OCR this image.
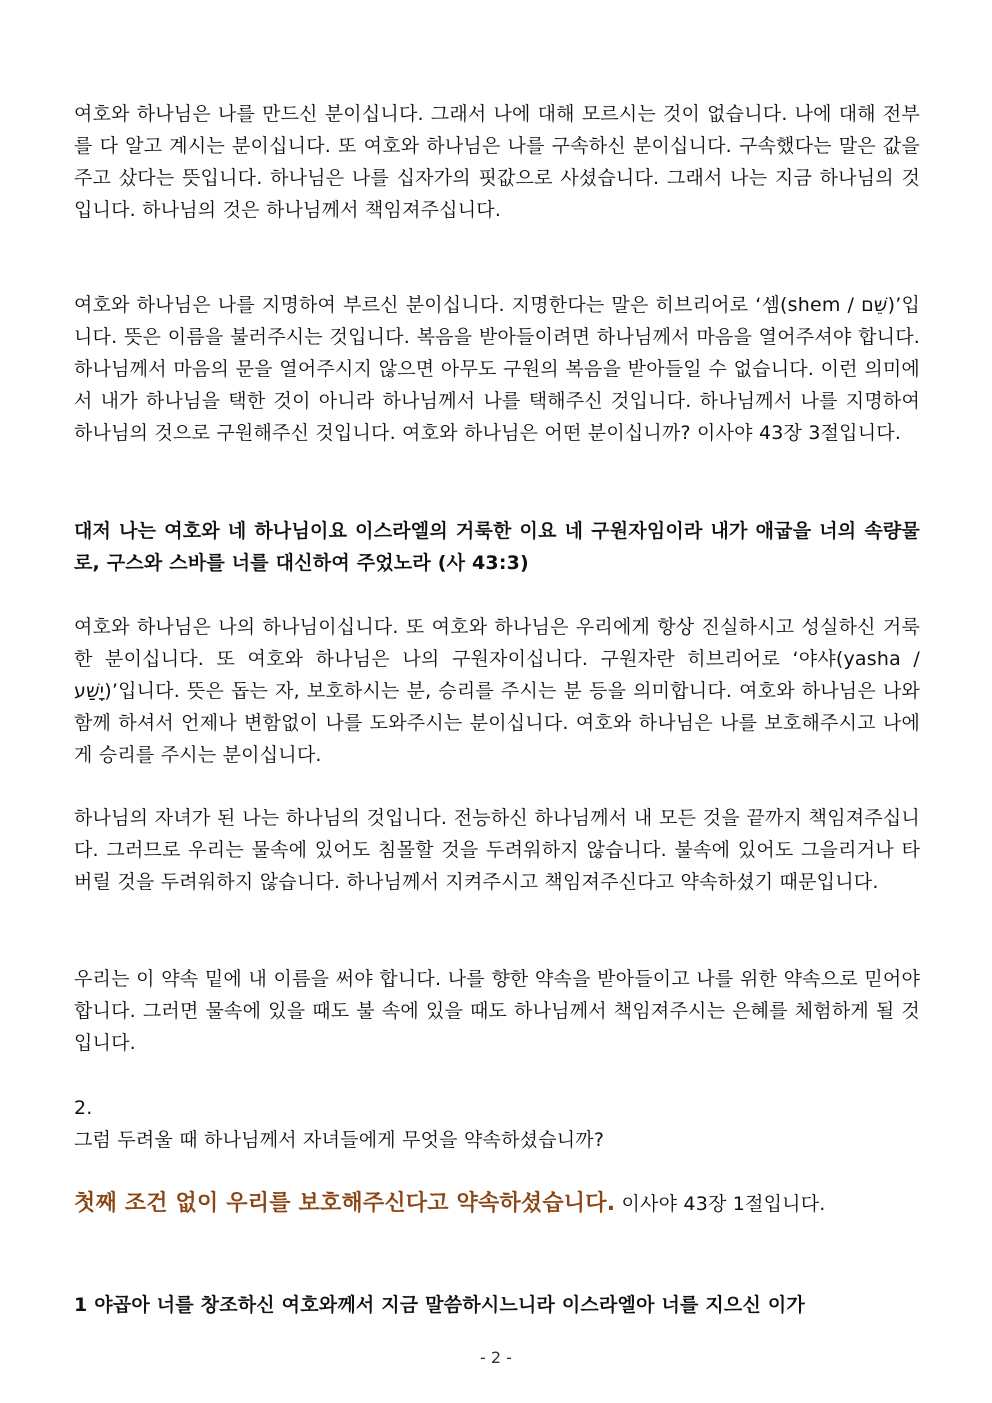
여호와 하나님은 나를 만드신 분이십니다. 그래서 나에 대해 모르시는 것이 없습니다. 나에 대해 전부를 다 알고 계시는 분이십니다. 또 여호와 하나님은 나를 구속하신 분이십니다. 구속했다는 말은 값을 주고 샀다는 뜻입니다. 하나님은 나를 십자가의 핏값으로 사셨습니다. 그래서 나는 지금 하나님의 것입니다. 하나님의 것은 하나님께서 책임져주십니다.
여호와 하나님은 나를 지명하여 부르신 분이십니다. 지명한다는 말은 히브리어로 ‘셈(shem / שֵׁם)’입니다. 뜻은 이름을 불러주시는 것입니다. 복음을 받아들이려면 하나님께서 마음을 열어주셔야 합니다. 하나님께서 마음의 문을 열어주시지 않으면 아무도 구원의 복음을 받아들일 수 없습니다. 이런 의미에서 내가 하나님을 택한 것이 아니라 하나님께서 나를 택해주신 것입니다. 하나님께서 나를 지명하여 하나님의 것으로 구원해주신 것입니다. 여호와 하나님은 어떤 분이십니까? 이사야 43장 3절입니다.
대저 나는 여호와 네 하나님이요 이스라엘의 거룩한 이요 네 구원자임이라 내가 애굽을 너의 속량물로, 구스와 스바를 너를 대신하여 주었노라 (사 43:3)
여호와 하나님은 나의 하나님이십니다. 또 여호와 하나님은 우리에게 항상 진실하시고 성실하신 거룩한 분이십니다. 또 여호와 하나님은 나의 구원자이십니다. 구원자란 히브리어로 ‘야샤(yasha / יָשַׁע)’입니다. 뜻은 돕는 자, 보호하시는 분, 승리를 주시는 분 등을 의미합니다. 여호와 하나님은 나와 함께 하셔서 언제나 변함없이 나를 도와주시는 분이십니다. 여호와 하나님은 나를 보호해주시고 나에게 승리를 주시는 분이십니다.
하나님의 자녀가 된 나는 하나님의 것입니다. 전능하신 하나님께서 내 모든 것을 끝까지 책임져주십니다. 그러므로 우리는 물속에 있어도 침몰할 것을 두려워하지 않습니다. 불속에 있어도 그을리거나 타버릴 것을 두려워하지 않습니다. 하나님께서 지켜주시고 책임져주신다고 약속하셨기 때문입니다.
우리는 이 약속 밑에 내 이름을 써야 합니다. 나를 향한 약속을 받아들이고 나를 위한 약속으로 믿어야 합니다. 그러면 물속에 있을 때도 불 속에 있을 때도 하나님께서 책임져주시는 은혜를 체험하게 될 것입니다.
2.
그럼 두려울 때 하나님께서 자녀들에게 무엇을 약속하셨습니까?
첫째 조건 없이 우리를 보호해주신다고 약속하셨습니다. 이사야 43장 1절입니다.
1 야곱아 너를 창조하신 여호와께서 지금 말씀하시느니라 이스라엘아 너를 지으신 이가
- 2 -
